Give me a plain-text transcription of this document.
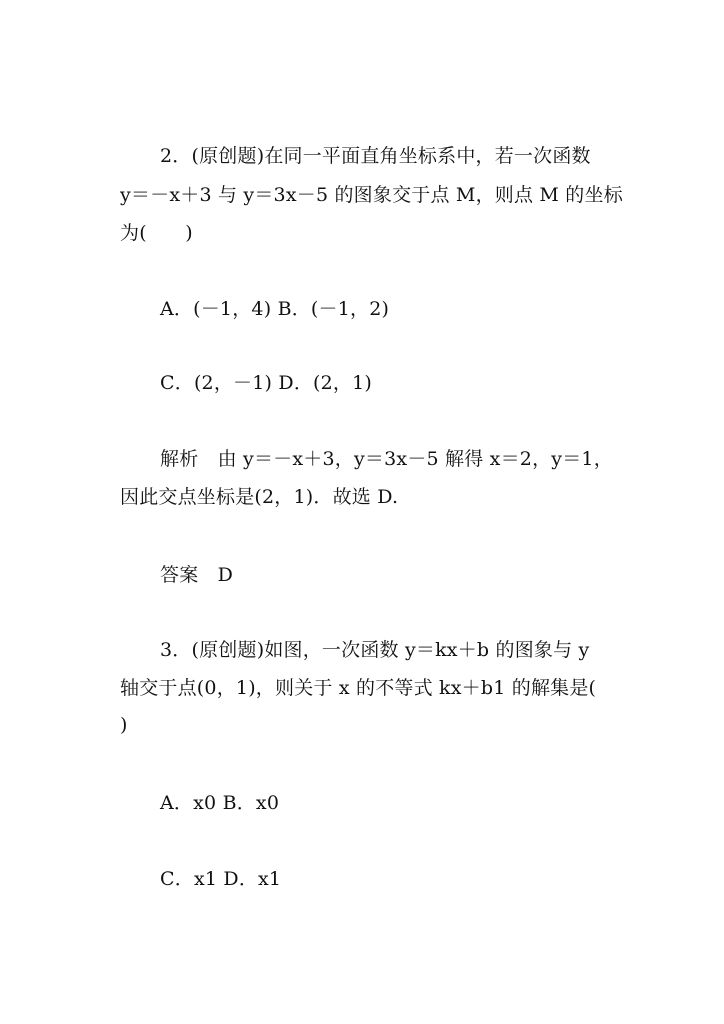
2．(原创题)在同一平面直角坐标系中，若一次函数
y＝－x＋3 与 y＝3x－5 的图象交于点 M，则点 M 的坐标
为(　　)
A．(－1，4) B．(－1，2)
C．(2，－1) D．(2，1)
解析　由 y＝－x＋3，y＝3x－5 解得 x＝2，y＝1，
因此交点坐标是(2，1)．故选 D.
答案　D
3．(原创题)如图，一次函数 y＝kx＋b 的图象与 y
轴交于点(0，1)，则关于 x 的不等式 kx＋b1 的解集是(
)
A．x0 B．x0
C．x1 D．x1
